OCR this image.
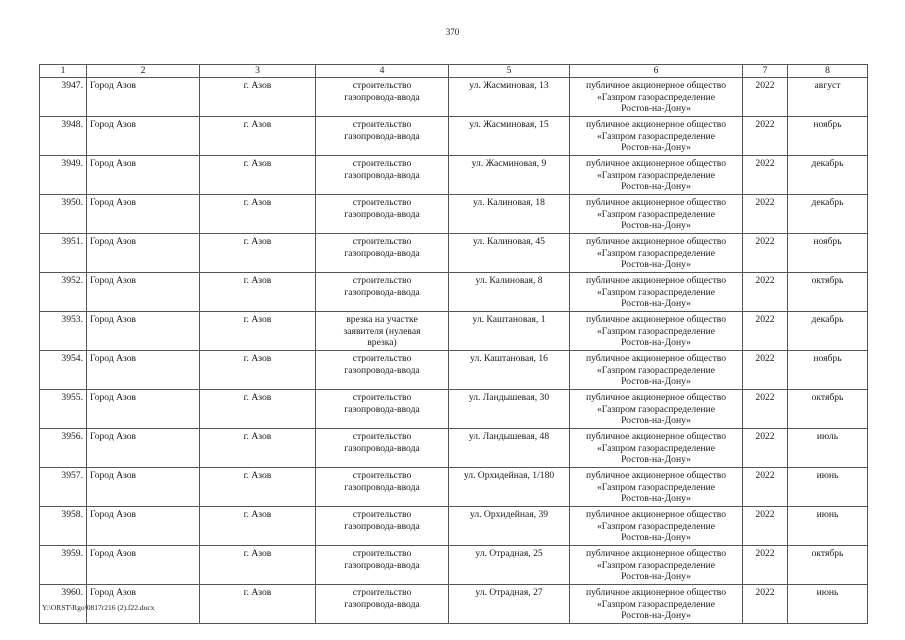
370
1	2	3	4	5	6	7	8
3947.	Город Азов	г. Азов	строительство
газопровода-ввода	ул. Жасминовая, 13	публичное акционерное общество
«Газпром газораспределение
Ростов-на-Дону»	2022	август
3948.	Город Азов	г. Азов	строительство
газопровода-ввода	ул. Жасминовая, 15	публичное акционерное общество
«Газпром газораспределение
Ростов-на-Дону»	2022	ноябрь
3949.	Город Азов	г. Азов	строительство
газопровода-ввода	ул. Жасминовая, 9	публичное акционерное общество
«Газпром газораспределение
Ростов-на-Дону»	2022	декабрь
3950.	Город Азов	г. Азов	строительство
газопровода-ввода	ул. Калиновая, 18	публичное акционерное общество
«Газпром газораспределение
Ростов-на-Дону»	2022	декабрь
3951.	Город Азов	г. Азов	строительство
газопровода-ввода	ул. Калиновая, 45	публичное акционерное общество
«Газпром газораспределение
Ростов-на-Дону»	2022	ноябрь
3952.	Город Азов	г. Азов	строительство
газопровода-ввода	ул. Калиновая, 8	публичное акционерное общество
«Газпром газораспределение
Ростов-на-Дону»	2022	октябрь
3953.	Город Азов	г. Азов	врезка на участке
заявителя (нулевая
врезка)	ул. Каштановая, 1	публичное акционерное общество
«Газпром газораспределение
Ростов-на-Дону»	2022	декабрь
3954.	Город Азов	г. Азов	строительство
газопровода-ввода	ул. Каштановая, 16	публичное акционерное общество
«Газпром газораспределение
Ростов-на-Дону»	2022	ноябрь
3955.	Город Азов	г. Азов	строительство
газопровода-ввода	ул. Ландышевая, 30	публичное акционерное общество
«Газпром газораспределение
Ростов-на-Дону»	2022	октябрь
3956.	Город Азов	г. Азов	строительство
газопровода-ввода	ул. Ландышевая, 48	публичное акционерное общество
«Газпром газораспределение
Ростов-на-Дону»	2022	июль
3957.	Город Азов	г. Азов	строительство
газопровода-ввода	ул. Орхидейная, 1/180	публичное акционерное общество
«Газпром газораспределение
Ростов-на-Дону»	2022	июнь
3958.	Город Азов	г. Азов	строительство
газопровода-ввода	ул. Орхидейная, 39	публичное акционерное общество
«Газпром газораспределение
Ростов-на-Дону»	2022	июнь
3959.	Город Азов	г. Азов	строительство
газопровода-ввода	ул. Отрадная, 25	публичное акционерное общество
«Газпром газораспределение
Ростов-на-Дону»	2022	октябрь
3960.	Город Азов	г. Азов	строительство
газопровода-ввода	ул. Отрадная, 27	публичное акционерное общество
«Газпром газораспределение
Ростов-на-Дону»	2022	июнь
Y:\ORST\Rgo\0817r216 (2).f22.docx
